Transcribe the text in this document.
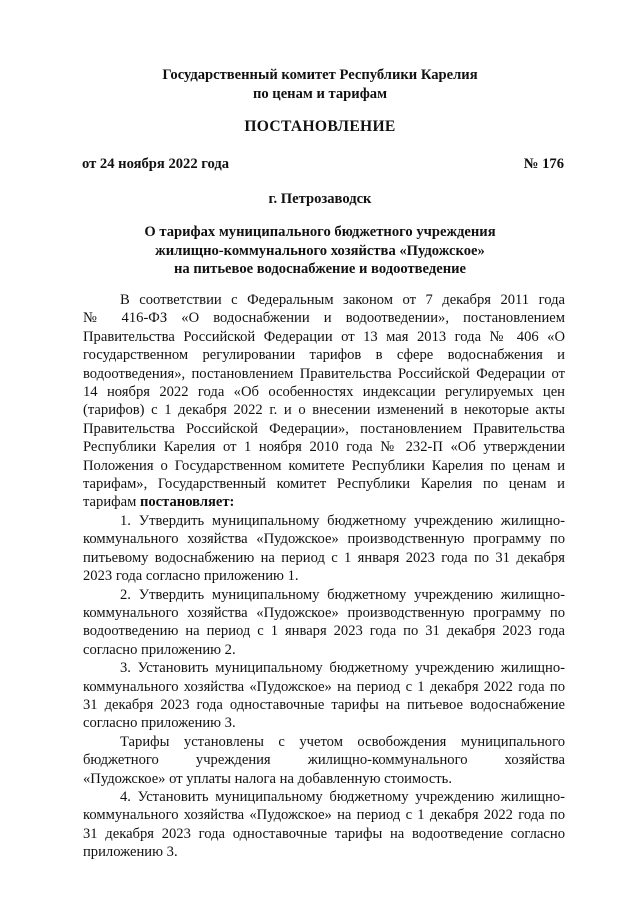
Государственный комитет Республики Карелия
по ценам и тарифам
ПОСТАНОВЛЕНИЕ
от 24 ноября 2022 года	№ 176
г. Петрозаводск
О тарифах муниципального бюджетного учреждения
жилищно-коммунального хозяйства «Пудожское»
на питьевое водоснабжение и водоотведение
В соответствии с Федеральным законом от 7 декабря 2011 года
№ 416-ФЗ «О водоснабжении и водоотведении», постановлением
Правительства Российской Федерации от 13 мая 2013 года № 406 «О
государственном регулировании тарифов в сфере водоснабжения и
водоотведения», постановлением Правительства Российской Федерации от
14 ноября 2022 года «Об особенностях индексации регулируемых цен
(тарифов) с 1 декабря 2022 г. и о внесении изменений в некоторые акты
Правительства Российской Федерации», постановлением Правительства
Республики Карелия от 1 ноября 2010 года № 232-П «Об утверждении
Положения о Государственном комитете Республики Карелия по ценам и
тарифам», Государственный комитет Республики Карелия по ценам и
тарифам постановляет:
1. Утвердить муниципальному бюджетному учреждению жилищно-
коммунального хозяйства «Пудожское» производственную программу по
питьевому водоснабжению на период с 1 января 2023 года по 31 декабря
2023 года согласно приложению 1.
2. Утвердить муниципальному бюджетному учреждению жилищно-
коммунального хозяйства «Пудожское» производственную программу по
водоотведению на период с 1 января 2023 года по 31 декабря 2023 года
согласно приложению 2.
3. Установить муниципальному бюджетному учреждению жилищно-
коммунального хозяйства «Пудожское» на период с 1 декабря 2022 года по
31 декабря 2023 года одноставочные тарифы на питьевое водоснабжение
согласно приложению 3.
Тарифы установлены с учетом освобождения муниципального
бюджетного учреждения жилищно-коммунального хозяйства
«Пудожское» от уплаты налога на добавленную стоимость.
4. Установить муниципальному бюджетному учреждению жилищно-
коммунального хозяйства «Пудожское» на период с 1 декабря 2022 года по
31 декабря 2023 года одноставочные тарифы на водоотведение согласно
приложению 3.
